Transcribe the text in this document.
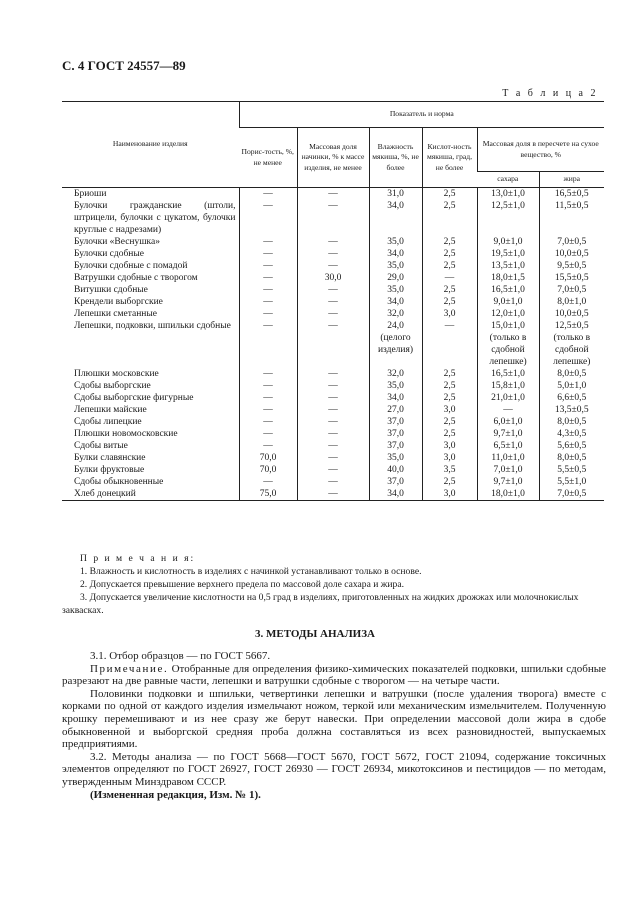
С. 4 ГОСТ 24557—89
Т а б л и ц а 2
Наименование изделия	Показатель и норма					
	Порис-тость, %, не менее	Массовая доля начинки, % к массе изделия, не менее	Влажность мякиша, %, не более	Кислот-ность мякиша, град, не более	Массовая доля в пересчете на сухое вещество, %	
					сахара	жира
Бриоши	—	—	31,0	2,5	13,0±1,0	16,5±0,5
Булочки гражданские (штоли, штрицели, булочки с цукатом, булочки круглые с надрезами)	—	—	34,0	2,5	12,5±1,0	11,5±0,5
Булочки «Веснушка»	—	—	35,0	2,5	9,0±1,0	7,0±0,5
Булочки сдобные	—	—	34,0	2,5	19,5±1,0	10,0±0,5
Булочки сдобные с помадой	—	—	35,0	2,5	13,5±1,0	9,5±0,5
Ватрушки сдобные с творогом	—	30,0	29,0	—	18,0±1,5	15,5±0,5
Витушки сдобные	—	—	35,0	2,5	16,5±1,0	7,0±0,5
Крендели выборгские	—	—	34,0	2,5	9,0±1,0	8,0±1,0
Лепешки сметанные	—	—	32,0	3,0	12,0±1,0	10,0±0,5
Лепешки, подковки, шпильки сдобные	—	—	24,0 (целого изделия)	—	15,0±1,0 (только в сдобной лепешке)	12,5±0,5 (только в сдобной лепешке)
Плюшки московские	—	—	32,0	2,5	16,5±1,0	8,0±0,5
Сдобы выборгские	—	—	35,0	2,5	15,8±1,0	5,0±1,0
Сдобы выборгские фигурные	—	—	34,0	2,5	21,0±1,0	6,6±0,5
Лепешки майские	—	—	27,0	3,0	—	13,5±0,5
Сдобы липецкие	—	—	37,0	2,5	6,0±1,0	8,0±0,5
Плюшки новомосковские	—	—	37,0	2,5	9,7±1,0	4,3±0,5
Сдобы витые	—	—	37,0	3,0	6,5±1,0	5,6±0,5
Булки славянские	70,0	—	35,0	3,0	11,0±1,0	8,0±0,5
Булки фруктовые	70,0	—	40,0	3,5	7,0±1,0	5,5±0,5
Сдобы обыкновенные	—	—	37,0	2,5	9,7±1,0	5,5±1,0
Хлеб донецкий	75,0	—	34,0	3,0	18,0±1,0	7,0±0,5

П р и м е ч а н и я:

1. Влажность и кислотность в изделиях с начинкой устанавливают только в основе.

2. Допускается превышение верхнего предела по массовой доле сахара и жира.

3. Допускается увеличение кислотности на 0,5 град в изделиях, приготовленных на жидких дрожжах или молочнокислых заквасках.

3. МЕТОДЫ АНАЛИЗА

3.1. Отбор образцов — по ГОСТ 5667.

Примечание. Отобранные для определения физико-химических показателей подковки, шпильки сдобные разрезают на две равные части, лепешки и ватрушки сдобные с творогом — на четыре части.

Половинки подковки и шпильки, четвертинки лепешки и ватрушки (после удаления творога) вместе с корками по одной от каждого изделия измельчают ножом, теркой или механическим измельчителем. Полученную крошку перемешивают и из нее сразу же берут навески. При определении массовой доли жира в сдобе обыкновенной и выборгской средняя проба должна составляться из всех разновидностей, выпускаемых предприятиями.

3.2. Методы анализа — по ГОСТ 5668—ГОСТ 5670, ГОСТ 5672, ГОСТ 21094, содержание токсичных элементов определяют по ГОСТ 26927, ГОСТ 26930 — ГОСТ 26934, микотоксинов и пестицидов — по методам, утвержденным Минздравом СССР.

(Измененная редакция, Изм. № 1).
